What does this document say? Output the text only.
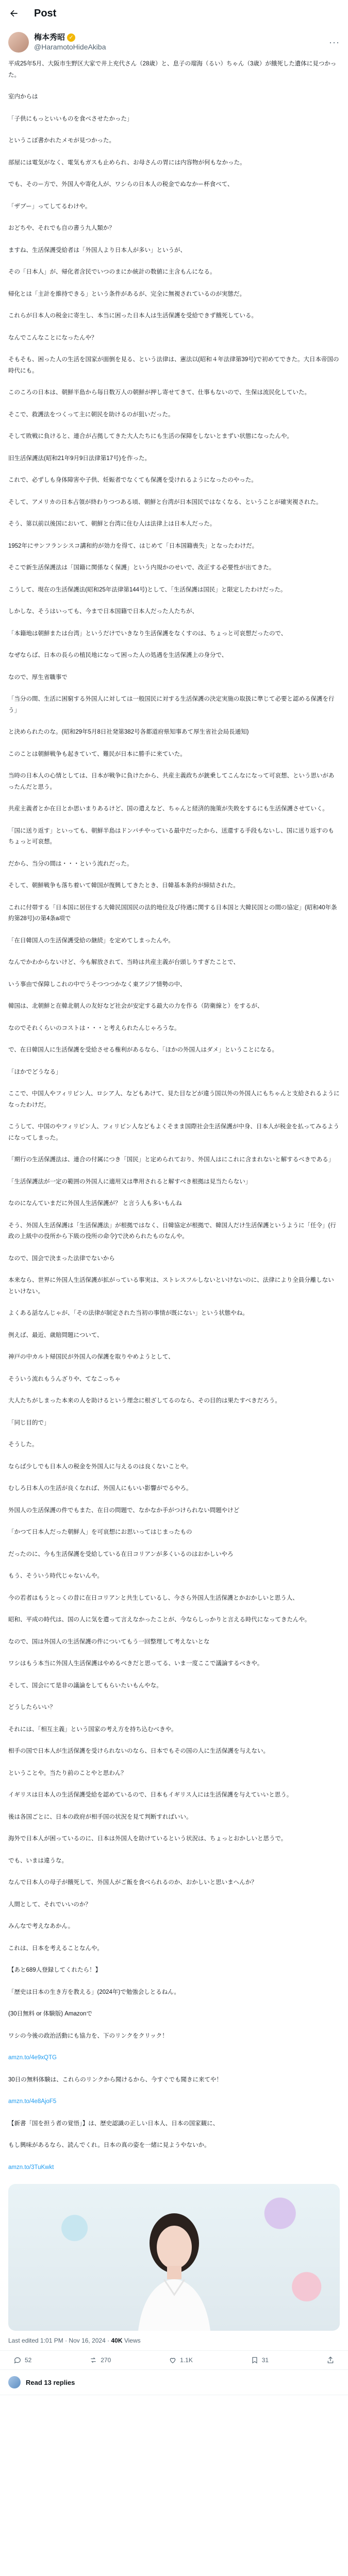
Post
梅本秀昭 ✓
@HaramotoHideAkiba	···

平成25年5月、大阪市生野区大家で井上充代さん（28歳）と、息子の瑠海（るい）ちゃん（3歳）が餓死した遺体に見つかった。

室内からは

「子供にもっといいものを食べさせたかった」

というこぼ書かれたメモが見つかった。

部屋には電気がなく、電気もガスも止められ、お母さんの胃には内容物が何もなかった。

でも、そのー方で、外国人や寄化人が、ワシらの日本人の税金でぬなかー杯食べて、

「ザブー」ってしてるわけや。

おどちや、それでも自の書う九人類か？

ますね、生活保護受給者は「外国人より日本人が多い」というが、

その「日本人」が、帰化者含民でいつのまにか統計の数値に主含もんになる。

帰化とは「主計を維持できる」という条件があるが、完全に無視されているのが実態だ。

これらが日本人の税金に寄生し、本当に困った日本人は生活保護を受給できず餓死している。

なんでこんなことになったんや？

そもそも、困った人の生活を国家が面倒を見る、という法律は、憲法以(昭和４年法律第39号)で初めてできた。大日本帝国の時代にも。

このころの日本は、朝鮮半島から毎日数万人の朝鮮が押し寄せてきて、仕事もないので、生保は流民化していた。

そこで、救護法をつくって主に朝民を助けるのが狙いだった。

そして敗戦に負けると、連合が占拠してきた大人たちにも生活の保障をしないとまずい状態になったんや。

旧生活保護法(昭和21年9月9日法律第17号)を作った。

これで、必ずしも身体障害や子供、妊娠者でなくても保護を受けれるようになったのやった。

そして、アメリカの日本占領が終わりつつある頃、朝鮮と台湾が日本国民ではなくなる、ということが確実視された。

そう、第以前以後国において、朝鮮と台湾に住む人は法律上は日本人だった。

1952年にサンフランシスコ講和約が効力を得て、はじめて「日本国籍喪失」となったわけだ。

そこで新生活保護法は「国籍に関係なく保護」という内規かのせいで、改正する必要性が出てきた。

こうして、現在の生活保護法(昭和25年法律第144号)として、「生活保護は国民」と限定したわけだった。

しかしな、そうはいっても、今まで日本国籍で日本人だった人たちが、

「本籍地は朝鮮または台湾」というだけでいきなり生活保護をなくすのは、ちょっと可哀想だったので、

なぜならば、日本の長らの植民地になって困った人の処遇を生活保護上の身分で、

なので、厚生省職事で

「当分の間、生活に困窮する外国人に対しては一般国民に対する生活保護の決定実施の取扱に準じて必要と認める保護を行う」

と決められたのな。(昭和29年5月8日社発第382号各都道府県知事あて厚生省社会局長通知)

このことは朝鮮戦争も起きていて、難民が日本に勝手に来ていた。

当時の日本人の心情としては、日本が戦争に負けたから、共産主義政ちが銃乗してこんなになって可哀想、という思いがあったんだと思う。

共産主義者とか在日とか思いまりあるけど、国の遣えなど、ちゃんと経済的施策が失敗をするにも生活保護させていく。

「国に送り返す」といっても、朝鮮半島はドンパチやっている最中だったから、送還する手段もないし、国に送り返すのもちょっと可哀想。

だから、当分の間は・・・という流れだった。

そして、朝鮮戦争も落ち着いて韓国が復興してきたとき、日韓基本条約が締結された。

これに付帯する「日本国に居住する大韓民国国民の法的地位及び待遇に関する日本国と大韓民国との間の協定」(昭和40年条約第28号)の第4条a項で

「在日韓国人の生活保護受給の継続」を定めてしまったんや。

なんでかわからないけど、今も解放されて、当時は共産主義が台頭しりすぎたことで、

いう事由で保障しこれの中でうそつつつかなく東アジア情勢の中、

韓国は、北朝鮮と在韓北朝人の友好など社会が安定する最大の力を作る（防衛線と）をするが、

なのでそれくらいのコストは・・・と考えられたんじゃろうな。

で、在日韓国人に生活保護を受給させる権利があるなら、「ほかの外国人はダメ」ということになる。

「ほかでどうなる」

ここで、中国人やフィリピン人、ロシア人、などもあけて、見た目などが違う国以外の外国人にもちゃんと支給されるようになったわけだ。

こうして、中国のやフィリピン人、フィリピン人などもよくそまま国際社会生活保護が中身、日本人が税金を払ってみるようになってしまった。

「期行の生活保護法は、連合の付属につき「国民」と定められており、外国人はにこれに含まれないと解するべきである」

「生活保護法が一定の範囲の外国人に適用又は準用されると解すべき根拠は見当たらない」

なのになんていまだに外国人生活保護が？ と言う人も多いもんね

そう、外国人生活保護は「生活保護法」が根拠ではなく、日韓協定が根拠で、韓国人だけ生活保護というように「任令」(行政の上級中の役所から下級の役所の命令)で決められたものなんや。

なので、国会で決まった法律でないから

本来なら、世界に外国人生活保護が拡がっている事実は、ストレスフルしないといけないのに、法律により全員分離しないといけない。

よくある話なんじゃが、「その法律が制定された当初の事情が既にない」という状態やね。

例えば、最近、歳賠問題について、

神戸の中カルト帰国民が外国人の保護を取りやめようとして、

そういう流れもうんざりや、てなこっちゃ

大人たちがしまった本来の人を助けるという理念に根ざしてるのなら、その目的は果たすべきだろう。

「同じ目的で」

そうした。

ならば少しでも日本人の税金を外国人に与えるのは良くないことや。

むしろ日本人の生活が良くなれば、外国人にもいい影響がでるやろ。

外国人の生活保護の件でもまた、在日の問題で、なかなか手がつけられない問題やけど

「かつて日本人だった朝鮮人」を可哀想にお思いってはじまったもの

だったのに、今も生活保護を受給している在日コリアンが多くいるのはおかしいやろ

もう、そういう時代じゃないんや。

今の若者はもうとっくの昔に在日コリアンと共生しているし、今さら外国人生活保護とかおかしいと思う人、

昭和、平成の時代は、国の人に気を遣って言えなかったことが、今ならしっかりと言える時代になってきたんや。

なので、国は外国人の生活保護の件についてもう一回整理して考えないとな

ワシはもう本当に外国人生活保護はやめるべきだと思ってる、いま一度ここで議論するべきや。

そして、国会にて是非の議論をしてもらいたいもんやな。

どうしたらいい？

それには、「相互主義」という国家の考え方を持ち込むべきや。

相手の国で日本人が生活保護を受けられないのなら、日本でもその国の人に生活保護を与えない。

ということや。当たり前のことやと思わん？

イギリスは日本人の生活保護受給を認めているので、日本もイギリス人には生活保護を与えていいと思う。

後は各国ごとに、日本の政府が相手国の状況を見て判断すればいい。

海外で日本人が困っているのに、日本は外国人を助けているという状況は、ちょっとおかしいと思うで。

でも、いまは違うな。

なんで日本人の母子が餓死して、外国人がご飯を食べられるのか、おかしいと思いまへんか？

人間として、それでいいのか？

みんなで考えなあかん。

これは、日本を考えることなんや。

【あと689人登録してくれたら！】

「歴史は日本の生き方を教える」(2024年)で勉強会しとるねん。

(30日無料 or 体験版) Amazonで

ワシの今後の政治活動にも協力を、下のリンクをクリック！

amzn.to/4e9xQTG

30日の無料体験は、これらのリンクから聞けるから、今すぐでも聞きに来てや！

amzn.to/4e8AjoF5

【新書「国を担う者の覚悟」】は、歴史認識の正しい日本人、日本の国家観に、

もし興味があるなら、読んでくれ。日本の真の姿を一緒に見ようやないか。

amzn.to/3TuKwkt

Last edited 1:01 PM · Nov 16, 2024 · 40K Views
52	270	1.1K	31
Read 13 replies
